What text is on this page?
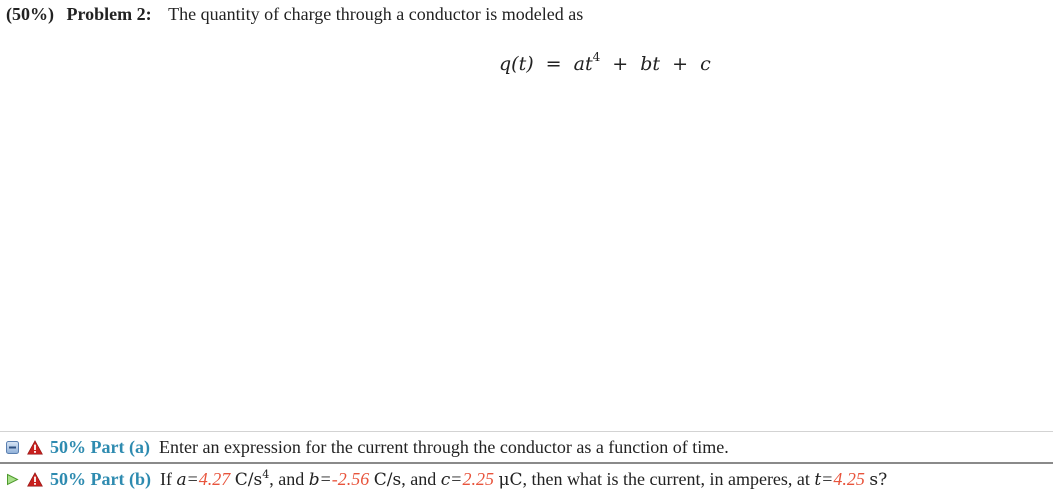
(50%) Problem 2: The quantity of charge through a conductor is modeled as
$q(t) = at^4$ + bt + c
50% Part (a) Enter an expression for the current through the conductor as a function of time.
50% Part (b) If a=4.27 $C/s^4$, and b=-2.56 C/s, and c=2.25 μC, then what is the current, in amperes, at t=4.25 s?
